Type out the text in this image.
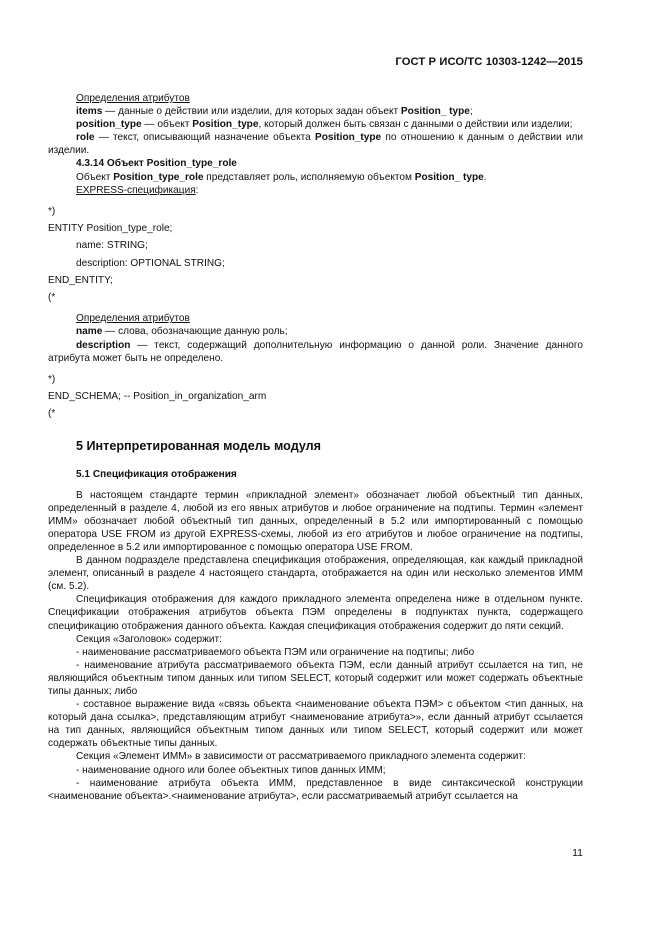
ГОСТ Р ИСО/ТС 10303-1242—2015

Определения атрибутов

items — данные о действии или изделии, для которых задан объект Position_ type;

position_type — объект Position_type, который должен быть связан с данными о действии или изделии;

role — текст, описывающий назначение объекта Position_type по отношению к данным о действии или изделии.

4.3.14 Объект Position_type_role

Объект Position_type_role представляет роль, исполняемую объектом Position_ type.

EXPRESS-спецификация:

*)

ENTITY Position_type_role;

name: STRING;

description: OPTIONAL STRING;

END_ENTITY;

(*

Определения атрибутов

name — слова, обозначающие данную роль;

description — текст, содержащий дополнительную информацию о данной роли. Значение данного атрибута может быть не определено.

*)

END_SCHEMA; -- Position_in_organization_arm

(*

5 Интерпретированная модель модуля

5.1 Спецификация отображения

В настоящем стандарте термин «прикладной элемент» обозначает любой объектный тип данных, определенный в разделе 4, любой из его явных атрибутов и любое ограничение на подтипы. Термин «элемент ИММ» обозначает любой объектный тип данных, определенный в 5.2 или импортированный с помощью оператора USE FROM из другой EXPRESS-схемы, любой из его атрибутов и любое ограничение на подтипы, определенное в 5.2 или импортированное с помощью оператора USE FROM.

В данном подразделе представлена спецификация отображения, определяющая, как каждый прикладной элемент, описанный в разделе 4 настоящего стандарта, отображается на один или несколько элементов ИММ (см. 5.2).

Спецификация отображения для каждого прикладного элемента определена ниже в отдельном пункте. Спецификации отображения атрибутов объекта ПЭМ определены в подпунктах пункта, содержащего спецификацию отображения данного объекта. Каждая спецификация отображения содержит до пяти секций.

Секция «Заголовок» содержит:

- наименование рассматриваемого объекта ПЭМ или ограничение на подтипы; либо

- наименование атрибута рассматриваемого объекта ПЭМ, если данный атрибут ссылается на тип, не являющийся объектным типом данных или типом SELECT, который содержит или может содержать объектные типы данных; либо

- составное выражение вида «связь объекта <наименование объекта ПЭМ> с объектом <тип данных, на который дана ссылка>, представляющим атрибут <наименование атрибута>», если данный атрибут ссылается на тип данных, являющийся объектным типом данных или типом SELECT, который содержит или может содержать объектные типы данных.

Секция «Элемент ИММ» в зависимости от рассматриваемого прикладного элемента содержит:

- наименование одного или более объектных типов данных ИММ;

- наименование атрибута объекта ИММ, представленное в виде синтаксической конструкции <наименование объекта>.<наименование атрибута>, если рассматриваемый атрибут ссылается на

11
